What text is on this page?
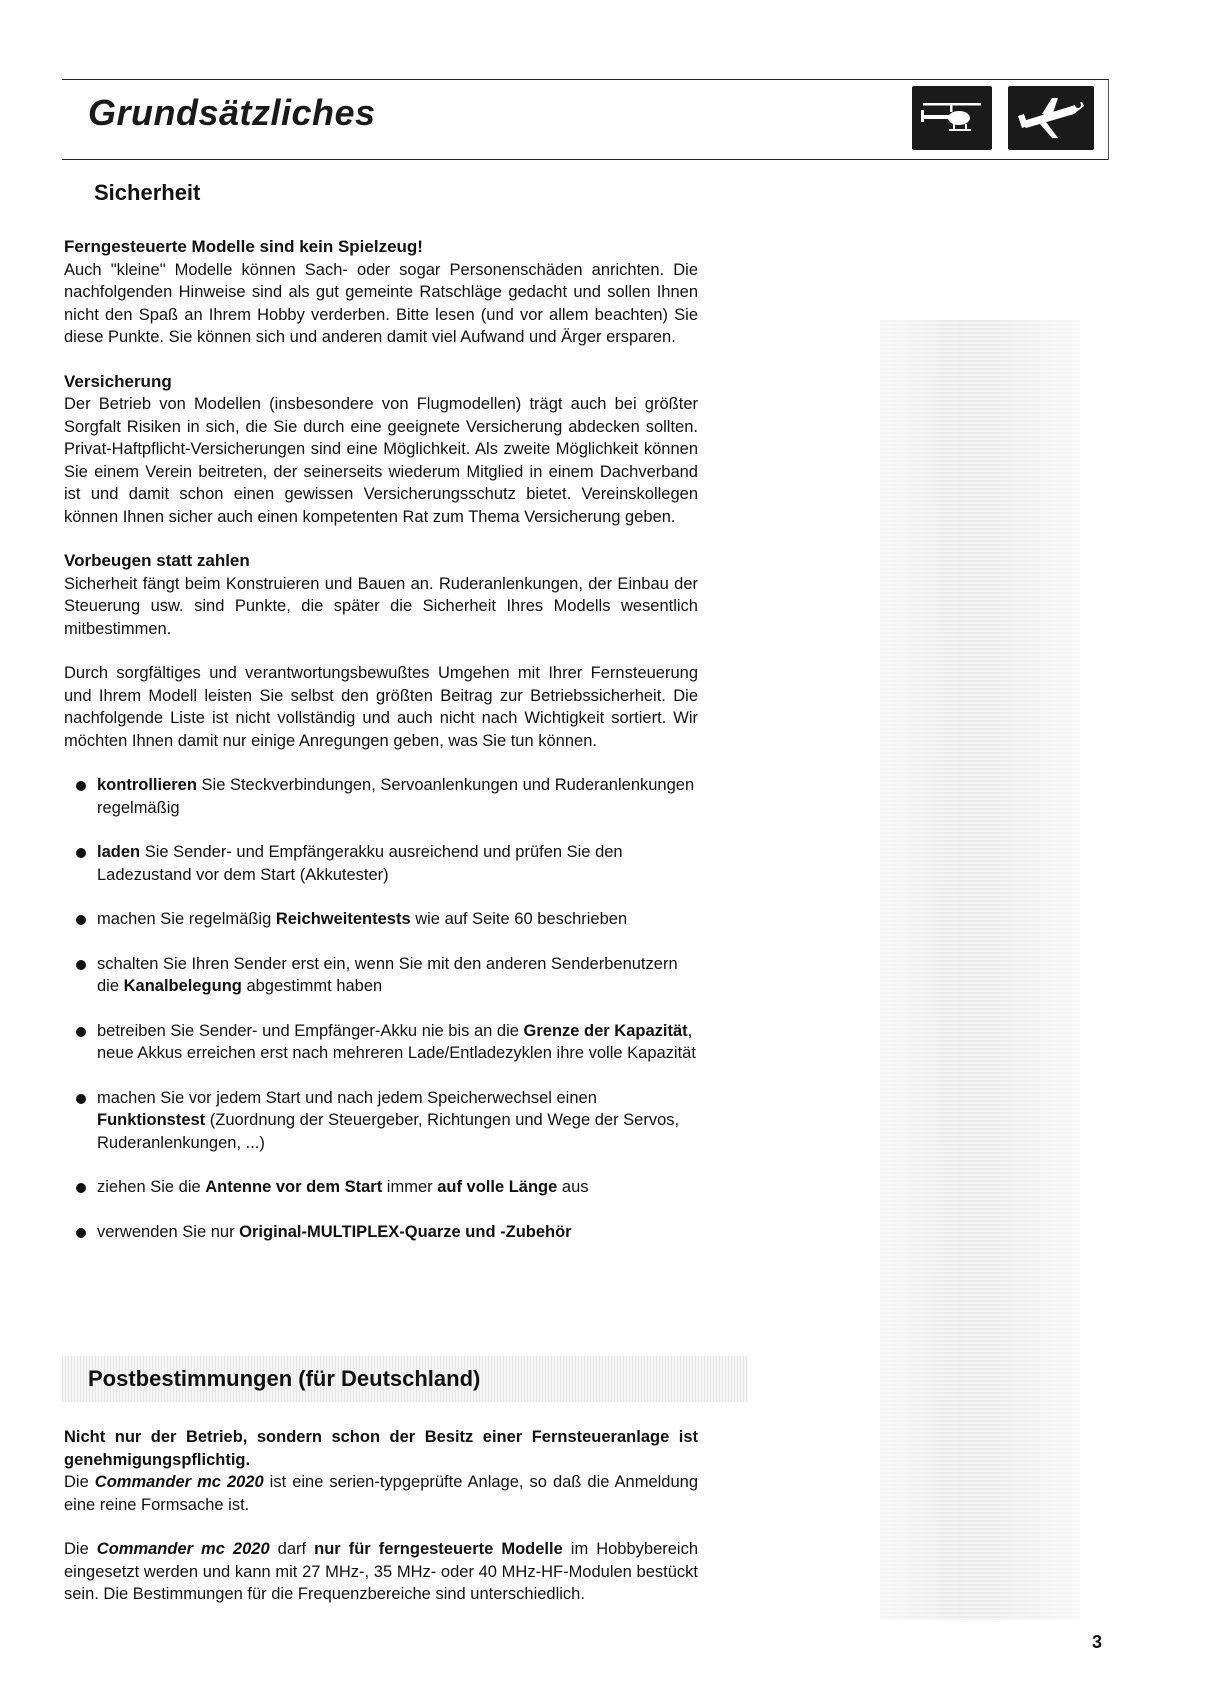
Grundsätzliches
Sicherheit
Ferngesteuerte Modelle sind kein Spielzeug!

Auch "kleine" Modelle können Sach- oder sogar Personenschäden anrichten. Die nachfolgenden Hinweise sind als gut gemeinte Ratschläge gedacht und sollen Ihnen nicht den Spaß an Ihrem Hobby verderben. Bitte lesen (und vor allem beachten) Sie diese Punkte. Sie können sich und anderen damit viel Aufwand und Ärger ersparen.

Versicherung

Der Betrieb von Modellen (insbesondere von Flugmodellen) trägt auch bei größter Sorgfalt Risiken in sich, die Sie durch eine geeignete Versicherung abdecken sollten. Privat-Haftpflicht-Versicherungen sind eine Möglichkeit. Als zweite Möglichkeit können Sie einem Verein beitreten, der seinerseits wiederum Mitglied in einem Dachverband ist und damit schon einen gewissen Versicherungsschutz bietet. Vereinskollegen können Ihnen sicher auch einen kompetenten Rat zum Thema Versicherung geben.

Vorbeugen statt zahlen

Sicherheit fängt beim Konstruieren und Bauen an. Ruderanlenkungen, der Einbau der Steuerung usw. sind Punkte, die später die Sicherheit Ihres Modells wesentlich mitbestimmen.

Durch sorgfältiges und verantwortungsbewußtes Umgehen mit Ihrer Fernsteuerung und Ihrem Modell leisten Sie selbst den größten Beitrag zur Betriebssicherheit. Die nachfolgende Liste ist nicht vollständig und auch nicht nach Wichtigkeit sortiert. Wir möchten Ihnen damit nur einige Anregungen geben, was Sie tun können.

kontrollieren Sie Steckverbindungen, Servoanlenkungen und Ruderanlenkungen regelmäßig
laden Sie Sender- und Empfängerakku ausreichend und prüfen Sie den Ladezustand vor dem Start (Akkutester)
machen Sie regelmäßig Reichweitentests wie auf Seite 60 beschrieben
schalten Sie Ihren Sender erst ein, wenn Sie mit den anderen Senderbenutzern die Kanalbelegung abgestimmt haben
betreiben Sie Sender- und Empfänger-Akku nie bis an die Grenze der Kapazität, neue Akkus erreichen erst nach mehreren Lade/Entladezyklen ihre volle Kapazität
machen Sie vor jedem Start und nach jedem Speicherwechsel einen Funktionstest (Zuordnung der Steuergeber, Richtungen und Wege der Servos, Ruderanlenkungen, ...)
ziehen Sie die Antenne vor dem Start immer auf volle Länge aus
verwenden Sie nur Original-MULTIPLEX-Quarze und -Zubehör
Postbestimmungen (für Deutschland)

Nicht nur der Betrieb, sondern schon der Besitz einer Fernsteueranlage ist genehmigungspflichtig.

Die Commander mc 2020 ist eine serien-typgeprüfte Anlage, so daß die Anmeldung eine reine Formsache ist.

Die Commander mc 2020 darf nur für ferngesteuerte Modelle im Hobbybereich eingesetzt werden und kann mit 27 MHz-, 35 MHz- oder 40 MHz-HF-Modulen bestückt sein. Die Bestimmungen für die Frequenzbereiche sind unterschiedlich.

3
